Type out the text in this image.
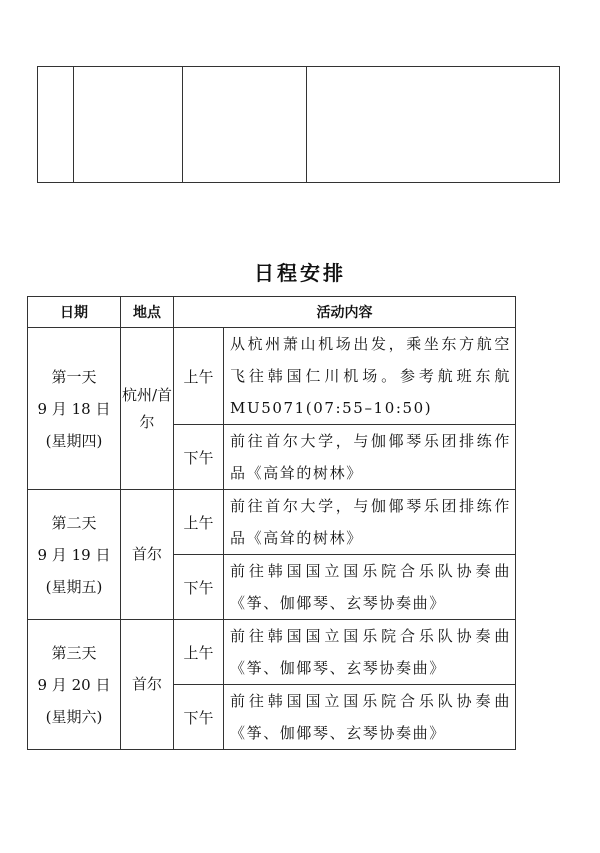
日程安排
日期	地点	活动内容	

第一天
9 月 18 日
(星期四)	杭州/首尔	上午	从杭州萧山机场出发，乘坐东方航空飞往韩国仁川机场。参考航班东航MU5071(07:55–10:50)
		下午	前往首尔大学，与伽倻琴乐团排练作品《高耸的树林》

第二天
9 月 19 日
(星期五)	首尔	上午	前往首尔大学，与伽倻琴乐团排练作品《高耸的树林》
		下午	前往韩国国立国乐院合乐队协奏曲《筝、伽倻琴、玄琴协奏曲》

第三天
9 月 20 日
(星期六)	首尔	上午	前往韩国国立国乐院合乐队协奏曲《筝、伽倻琴、玄琴协奏曲》
		下午	前往韩国国立国乐院合乐队协奏曲《筝、伽倻琴、玄琴协奏曲》
